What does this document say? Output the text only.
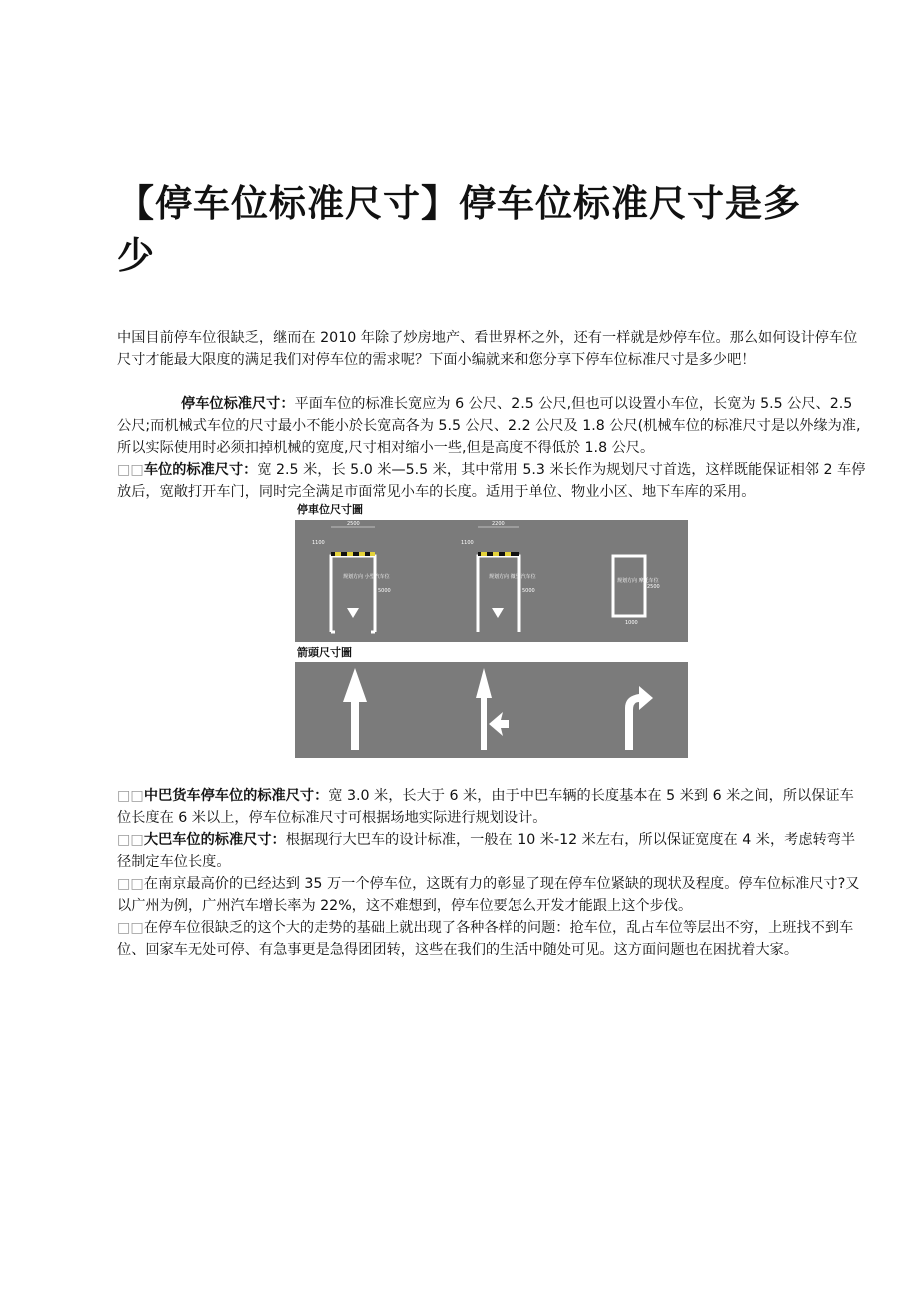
【停车位标准尺寸】停车位标准尺寸是多少
中国目前停车位很缺乏，继而在 2010 年除了炒房地产、看世界杯之外，还有一样就是炒停车位。那么如何设计停车位尺寸才能最大限度的满足我们对停车位的需求呢？下面小编就来和您分享下停车位标准尺寸是多少吧！
停车位标准尺寸：平面车位的标准长宽应为 6 公尺、2.5 公尺,但也可以设置小车位，长宽为 5.5 公尺、2.5 公尺;而机械式车位的尺寸最小不能小於长宽高各为 5.5 公尺、2.2 公尺及 1.8 公尺(机械车位的标准尺寸是以外缘为准,所以实际使用时必须扣掉机械的宽度,尺寸相对缩小一些,但是高度不得低於 1.8 公尺。
□□车位的标准尺寸：宽 2.5 米，长 5.0 米—5.5 米，其中常用 5.3 米长作为规划尺寸首选，这样既能保证相邻 2 车停放后，宽敞打开车门，同时完全满足市面常见小车的长度。适用于单位、物业小区、地下车库的采用。
停車位尺寸圖
箭頭尺寸圖
2500
5000
1100
规划方向 小型汽车位
2200
5000
1100
规划方向 微型汽车位
1000
2500
规划方向 摩托车位
□□中巴货车停车位的标准尺寸：宽 3.0 米，长大于 6 米，由于中巴车辆的长度基本在 5 米到 6 米之间，所以保证车位长度在 6 米以上，停车位标准尺寸可根据场地实际进行规划设计。
□□大巴车位的标准尺寸：根据现行大巴车的设计标准，一般在 10 米-12 米左右，所以保证宽度在 4 米，考虑转弯半径制定车位长度。
□□在南京最高价的已经达到 35 万一个停车位，这既有力的彰显了现在停车位紧缺的现状及程度。停车位标准尺寸?又以广州为例，广州汽车增长率为 22%，这不难想到，停车位要怎么开发才能跟上这个步伐。
□□在停车位很缺乏的这个大的走势的基础上就出现了各种各样的问题：抢车位，乱占车位等层出不穷，上班找不到车位、回家车无处可停、有急事更是急得团团转，这些在我们的生活中随处可见。这方面问题也在困扰着大家。
